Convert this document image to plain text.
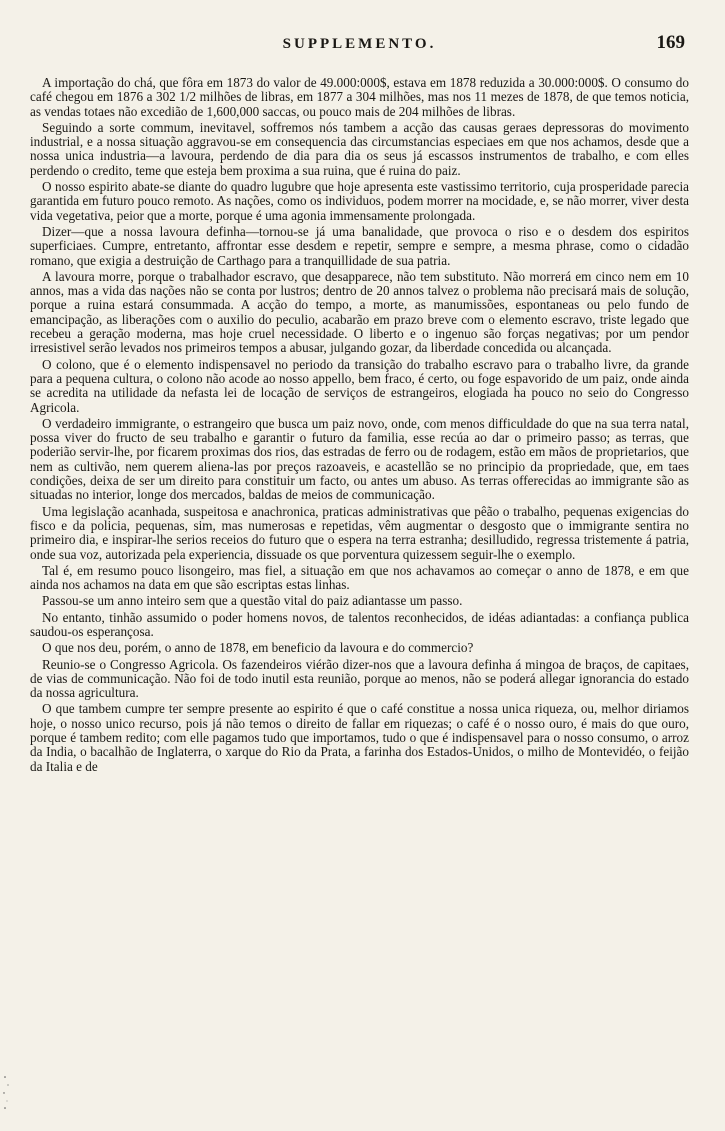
SUPPLEMENTO.	169

A importação do chá, que fôra em 1873 do valor de 49.000:000$, estava em 1878 reduzida a 30.000:000$. O consumo do café chegou em 1876 a 302 1/2 milhões de libras, em 1877 a 304 milhões, mas nos 11 mezes de 1878, de que temos noticia, as vendas totaes não excedião de 1,600,000 saccas, ou pouco mais de 204 milhões de libras.

Seguindo a sorte commum, inevitavel, soffremos nós tambem a acção das causas geraes depressoras do movimento industrial, e a nossa situação aggravou-se em consequencia das circumstancias especiaes em que nos achamos, desde que a nossa unica industria—a lavoura, perdendo de dia para dia os seus já escassos instrumentos de trabalho, e com elles perdendo o credito, teme que esteja bem proxima a sua ruina, que é ruina do paiz.

O nosso espirito abate-se diante do quadro lugubre que hoje apresenta este vastissimo territorio, cuja prosperidade parecia garantida em futuro pouco remoto. As nações, como os individuos, podem morrer na mocidade, e, se não morrer, viver desta vida vegetativa, peior que a morte, porque é uma agonia immensamente prolongada.

Dizer—que a nossa lavoura definha—tornou-se já uma banalidade, que provoca o riso e o desdem dos espiritos superficiaes. Cumpre, entretanto, affrontar esse desdem e repetir, sempre e sempre, a mesma phrase, como o cidadão romano, que exigia a destruição de Carthago para a tranquillidade de sua patria.

A lavoura morre, porque o trabalhador escravo, que desapparece, não tem substituto. Não morrerá em cinco nem em 10 annos, mas a vida das nações não se conta por lustros; dentro de 20 annos talvez o problema não precisará mais de solução, porque a ruina estará consummada. A acção do tempo, a morte, as manumissões, espontaneas ou pelo fundo de emancipação, as liberações com o auxilio do peculio, acabarão em prazo breve com o elemento escravo, triste legado que recebeu a geração moderna, mas hoje cruel necessidade. O liberto e o ingenuo são forças negativas; por um pendor irresistivel serão levados nos primeiros tempos a abusar, julgando gozar, da liberdade concedida ou alcançada.

O colono, que é o elemento indispensavel no periodo da transição do trabalho escravo para o trabalho livre, da grande para a pequena cultura, o colono não acode ao nosso appello, bem fraco, é certo, ou foge espavorido de um paiz, onde ainda se acredita na utilidade da nefasta lei de locação de serviços de estrangeiros, elogiada ha pouco no seio do Congresso Agricola.

O verdadeiro immigrante, o estrangeiro que busca um paiz novo, onde, com menos difficuldade do que na sua terra natal, possa viver do fructo de seu trabalho e garantir o futuro da familia, esse recúa ao dar o primeiro passo; as terras, que poderião servir-lhe, por ficarem proximas dos rios, das estradas de ferro ou de rodagem, estão em mãos de proprietarios, que nem as cultivão, nem querem aliena-las por preços razoaveis, e acastellão se no principio da propriedade, que, em taes condições, deixa de ser um direito para constituir um facto, ou antes um abuso. As terras offerecidas ao immigrante são as situadas no interior, longe dos mercados, baldas de meios de communicação.

Uma legislação acanhada, suspeitosa e anachronica, praticas administrativas que pêão o trabalho, pequenas exigencias do fisco e da policia, pequenas, sim, mas numerosas e repetidas, vêm augmentar o desgosto que o immigrante sentira no primeiro dia, e inspirar-lhe serios receios do futuro que o espera na terra estranha; desilludido, regressa tristemente á patria, onde sua voz, autorizada pela experiencia, dissuade os que porventura quizessem seguir-lhe o exemplo.

Tal é, em resumo pouco lisongeiro, mas fiel, a situação em que nos achavamos ao começar o anno de 1878, e em que ainda nos achamos na data em que são escriptas estas linhas.

Passou-se um anno inteiro sem que a questão vital do paiz adiantasse um passo.

No entanto, tinhão assumido o poder homens novos, de talentos reconhecidos, de idéas adiantadas: a confiança publica saudou-os esperançosa.

O que nos deu, porém, o anno de 1878, em beneficio da lavoura e do commercio?

Reunio-se o Congresso Agricola. Os fazendeiros viérão dizer-nos que a lavoura definha á mingoa de braços, de capitaes, de vias de communicação. Não foi de todo inutil esta reunião, porque ao menos, não se poderá allegar ignorancia do estado da nossa agricultura.

O que tambem cumpre ter sempre presente ao espirito é que o café constitue a nossa unica riqueza, ou, melhor diriamos hoje, o nosso unico recurso, pois já não temos o direito de fallar em riquezas; o café é o nosso ouro, é mais do que ouro, porque é tambem redito; com elle pagamos tudo que importamos, tudo o que é indispensavel para o nosso consumo, o arroz da India, o bacalhão de Inglaterra, o xarque do Rio da Prata, a farinha dos Estados-Unidos, o milho de Montevidéo, o feijão da Italia e de
